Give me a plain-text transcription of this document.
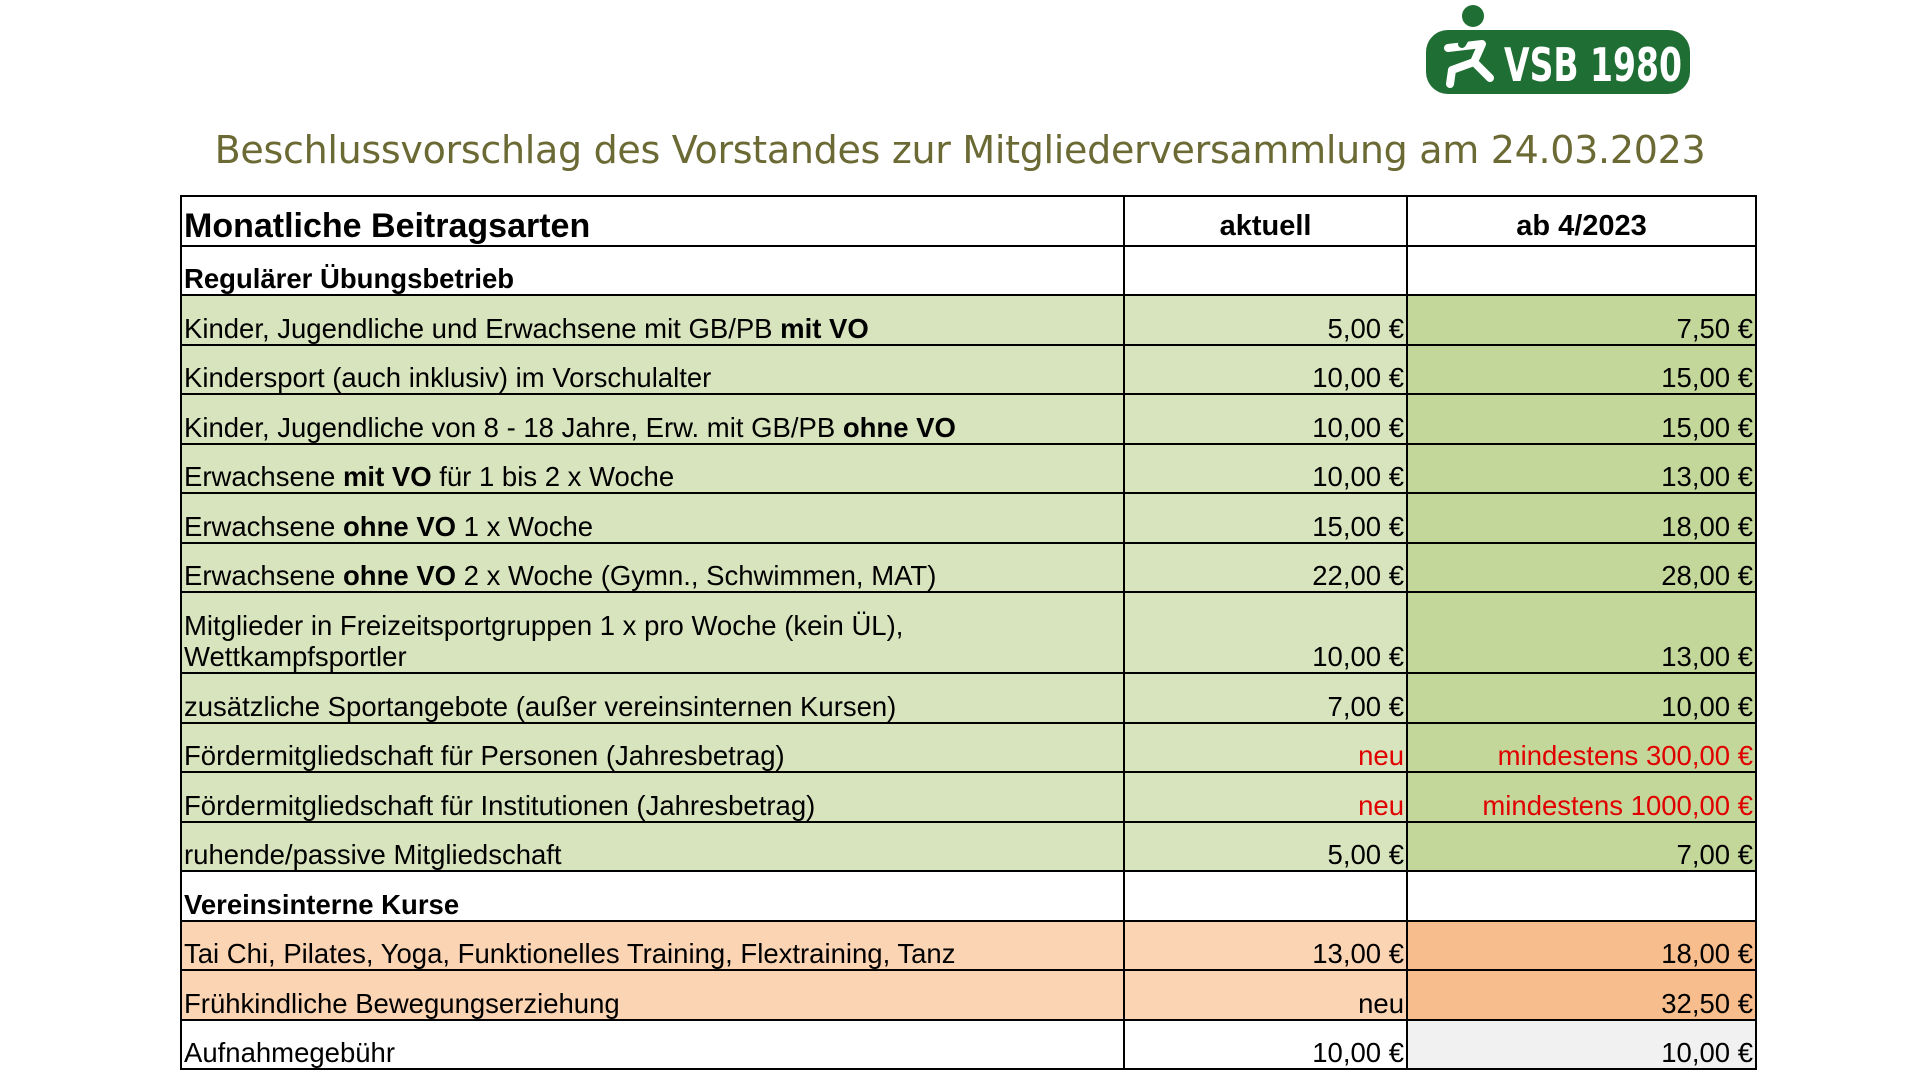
VSB 1980
Beschlussvorschlag des Vorstandes zur Mitgliederversammlung am 24.03.2023
Monatliche Beitragsarten	aktuell	ab 4/2023
Regulärer Übungsbetrieb		
Kinder, Jugendliche und Erwachsene mit GB/PB mit VO	5,00 €	7,50 €
Kindersport (auch inklusiv) im Vorschulalter	10,00 €	15,00 €
Kinder, Jugendliche von 8 - 18 Jahre, Erw. mit GB/PB ohne VO	10,00 €	15,00 €
Erwachsene mit VO für 1 bis 2 x Woche	10,00 €	13,00 €
Erwachsene ohne VO 1 x Woche	15,00 €	18,00 €
Erwachsene ohne VO 2 x Woche (Gymn., Schwimmen, MAT)	22,00 €	28,00 €
Mitglieder in Freizeitsportgruppen 1 x pro Woche (kein ÜL),
Wettkampfsportler	10,00 €	13,00 €
zusätzliche Sportangebote (außer vereinsinternen Kursen)	7,00 €	10,00 €
Fördermitgliedschaft für Personen (Jahresbetrag)	neu	mindestens 300,00 €
Fördermitgliedschaft für Institutionen (Jahresbetrag)	neu	mindestens 1000,00 €
ruhende/passive Mitgliedschaft	5,00 €	7,00 €
Vereinsinterne Kurse		
Tai Chi, Pilates, Yoga, Funktionelles Training, Flextraining, Tanz	13,00 €	18,00 €
Frühkindliche Bewegungserziehung	neu	32,50 €
Aufnahmegebühr	10,00 €	10,00 €
